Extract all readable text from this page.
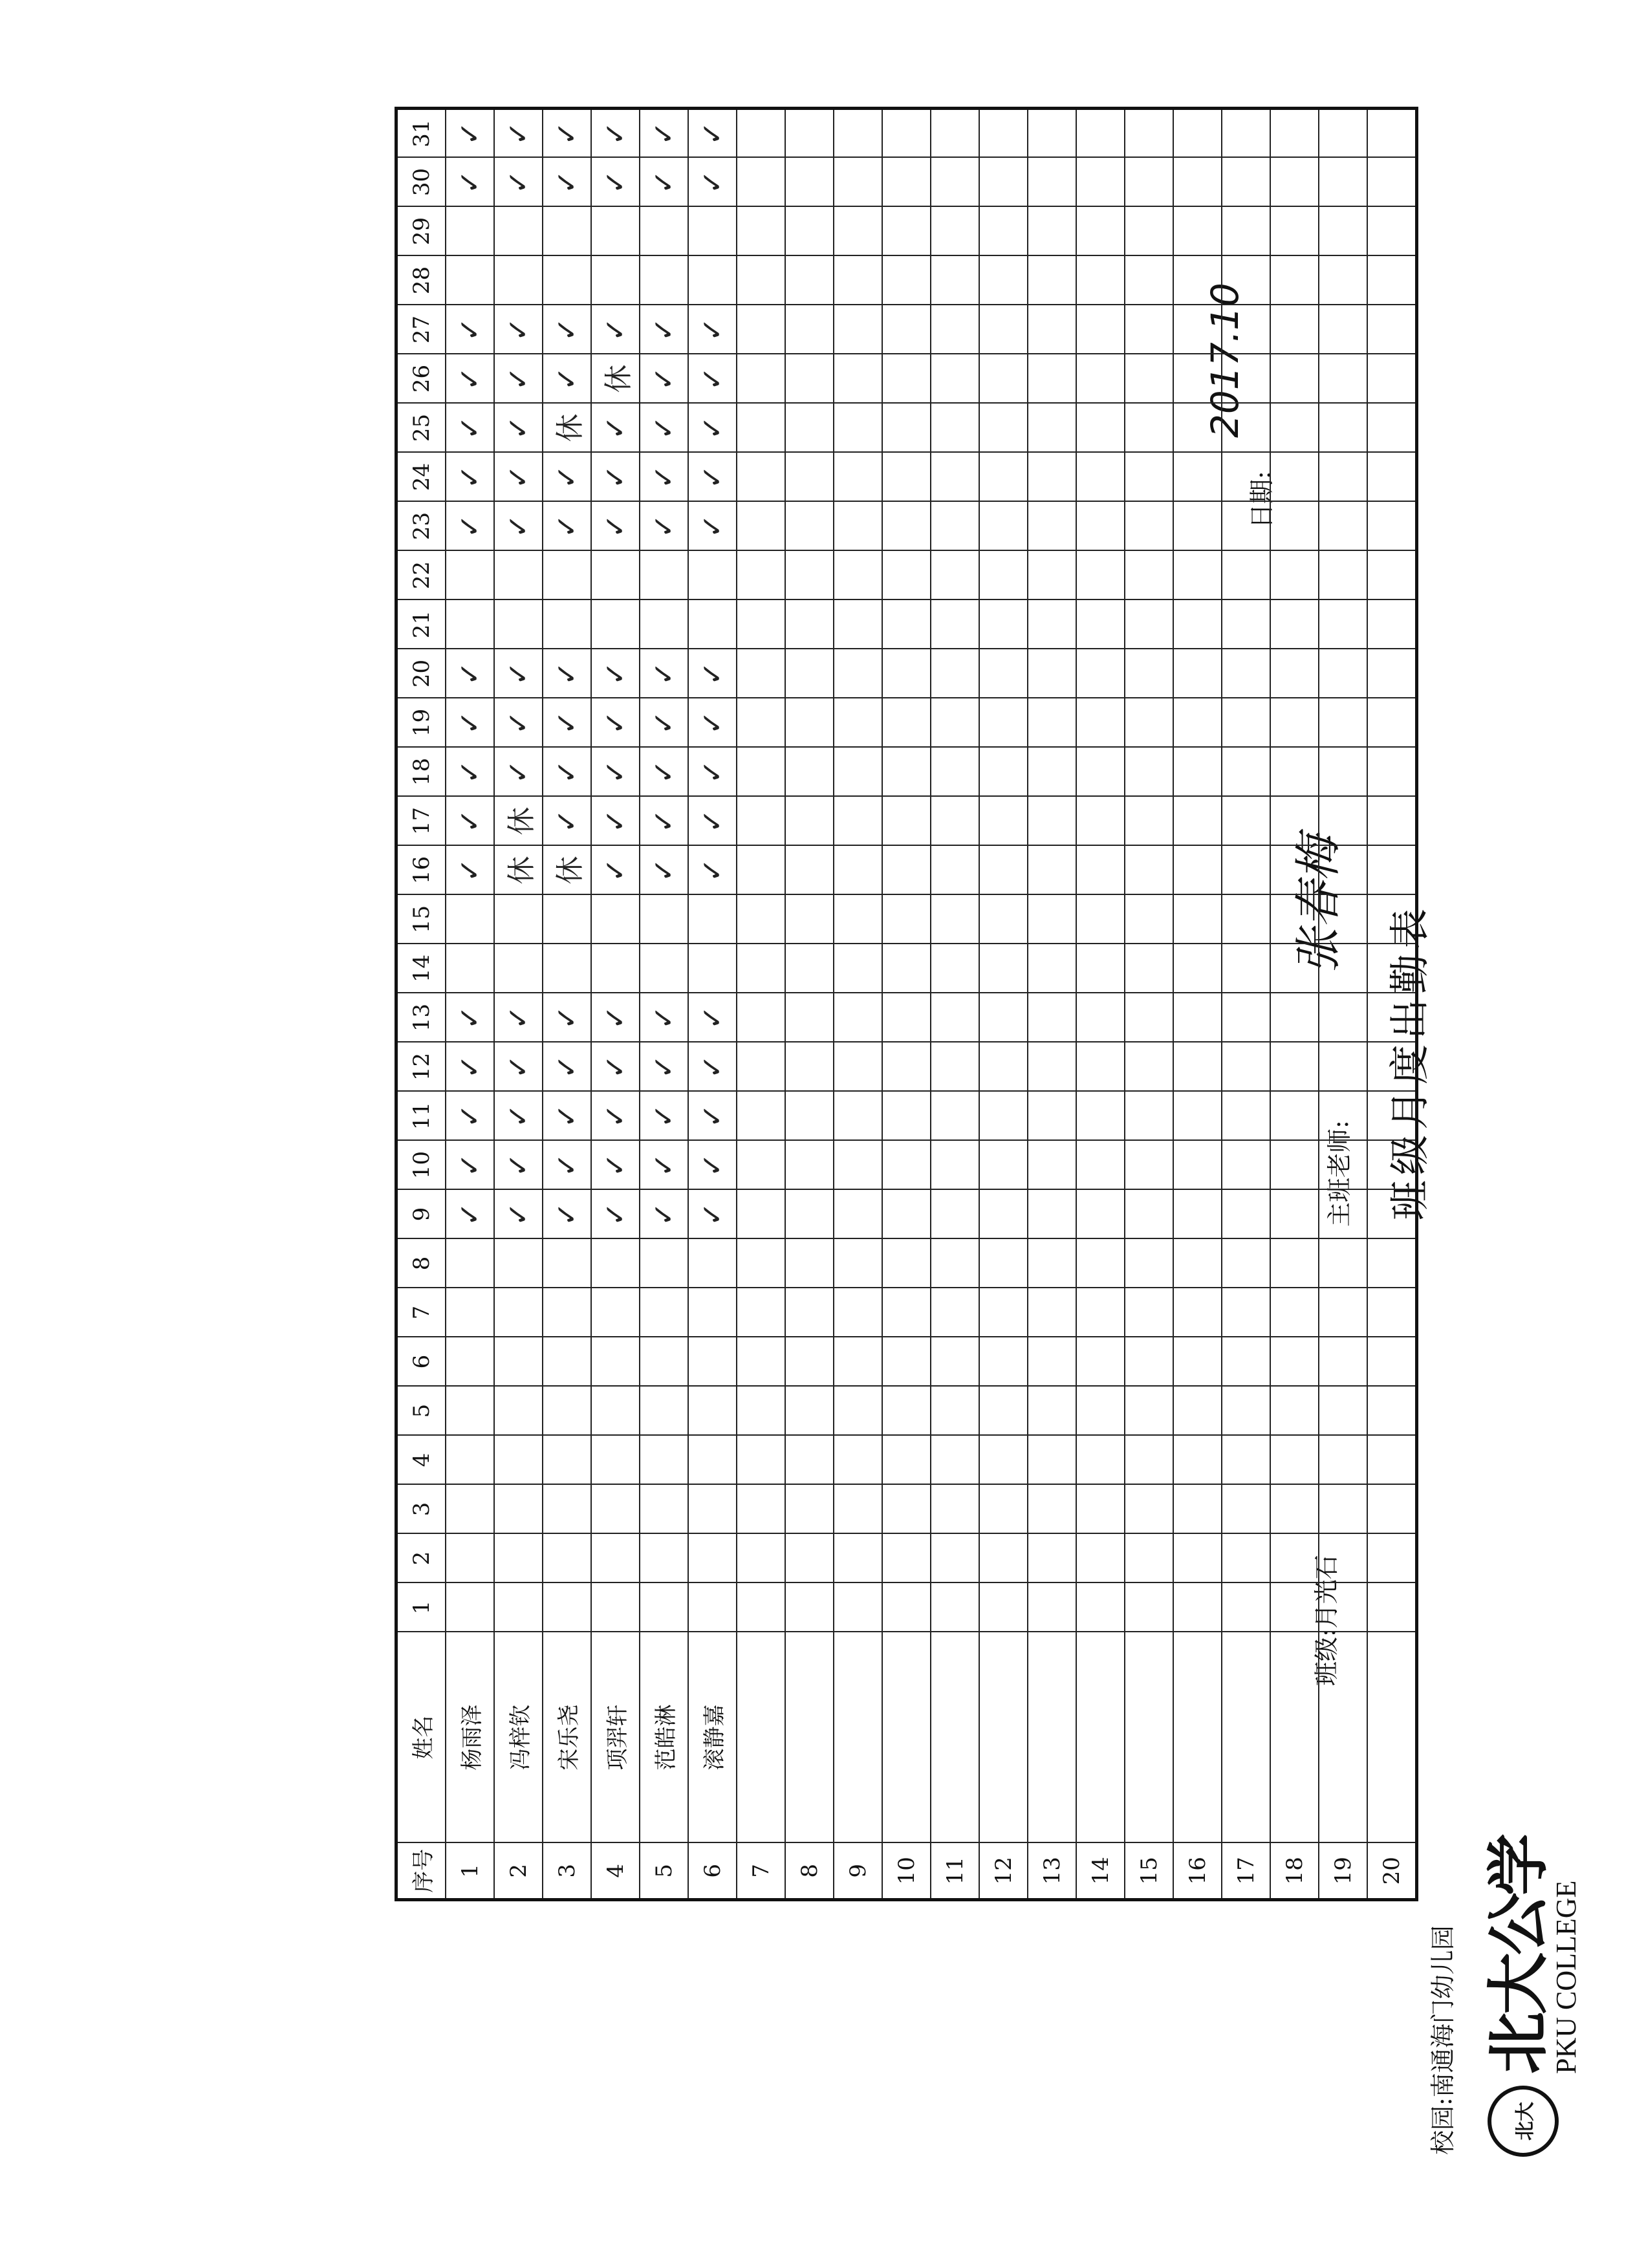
北大
北大公学
PKU COLLEGE
班级月度出勤表
校园:南通海门幼儿园
班级:月光石
主班老师:
张春梅
日期:
2017.10
序号	姓名	1	2	3	4	5	6	7	8	9	10	11	12	13	14	15	16	17	18	19	20	21	22	23	24	25	26	27	28	29	30	31
1	杨雨泽									✓	✓	✓	✓	✓			✓	✓	✓	✓	✓			✓	✓	✓	✓	✓			✓	✓
2	冯梓钦									✓	✓	✓	✓	✓			休	休	✓	✓	✓			✓	✓	✓	✓	✓			✓	✓
3	宋乐尧									✓	✓	✓	✓	✓			休	✓	✓	✓	✓			✓	✓	休	✓	✓			✓	✓
4	项羿轩									✓	✓	✓	✓	✓			✓	✓	✓	✓	✓			✓	✓	✓	休	✓			✓	✓
5	范皓淋									✓	✓	✓	✓	✓			✓	✓	✓	✓	✓			✓	✓	✓	✓	✓			✓	✓
6	滚静嘉									✓	✓	✓	✓	✓			✓	✓	✓	✓	✓			✓	✓	✓	✓	✓			✓	✓
7																																
8																																
9																																
10																																
11																																
12																																
13																																
14																																
15																																
16																																
17																																
18																																
19																																
20																																
